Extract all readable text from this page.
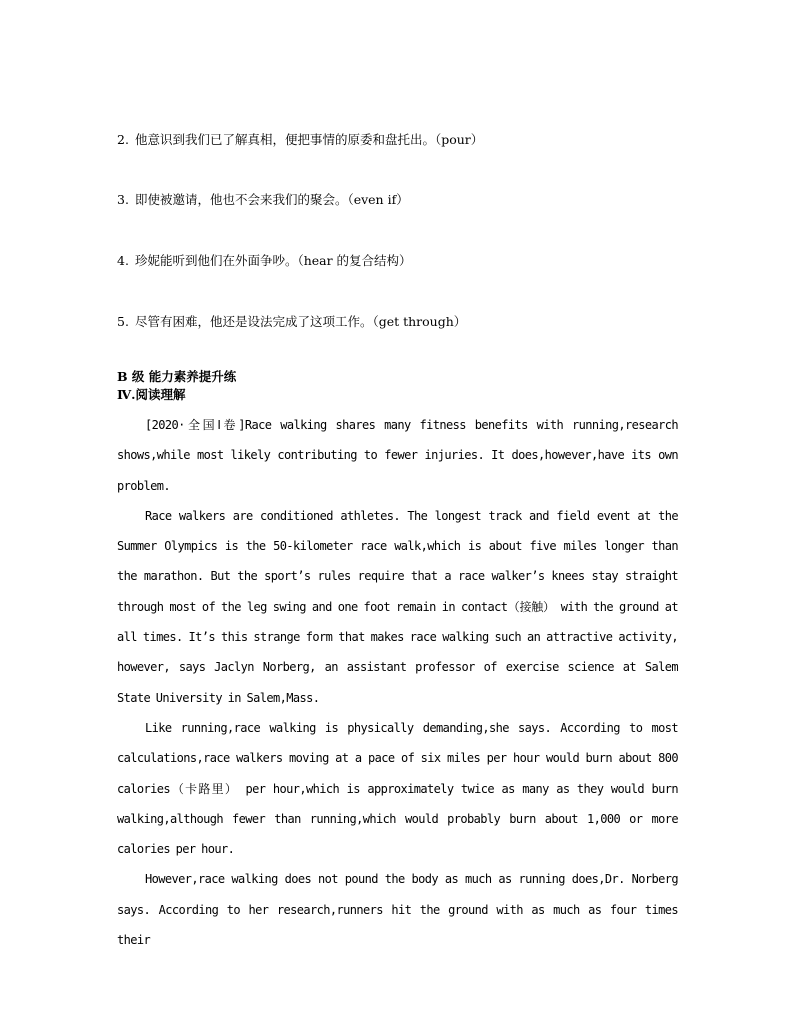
2. 他意识到我们已了解真相，便把事情的原委和盘托出。（pour）
3. 即使被邀请，他也不会来我们的聚会。（even if）
4. 珍妮能听到他们在外面争吵。（hear 的复合结构）
5. 尽管有困难，他还是设法完成了这项工作。（get through）
B 级 能力素养提升练
Ⅳ.阅读理解

[2020·全国Ⅰ卷]Race walking shares many fitness benefits with running,research shows,while most likely contributing to fewer injuries. It does,however,have its own problem.

Race walkers are conditioned athletes. The longest track and field event at the Summer Olympics is the 50-kilometer race walk,which is about five miles longer than the marathon. But the sport’s rules require that a race walker’s knees stay straight through most of the leg swing and one foot remain in contact（接触） with the ground at all times. It’s this strange form that makes race walking such an attractive activity, however, says Jaclyn Norberg, an assistant professor of exercise science at Salem State University in Salem,Mass.

Like running,race walking is physically demanding,she says. According to most calculations,race walkers moving at a pace of six miles per hour would burn about 800 calories（卡路里） per hour,which is approximately twice as many as they would burn walking,although fewer than running,which would probably burn about 1,000 or more calories per hour.

However,race walking does not pound the body as much as running does,Dr. Norberg says. According to her research,runners hit the ground with as much as four times their
